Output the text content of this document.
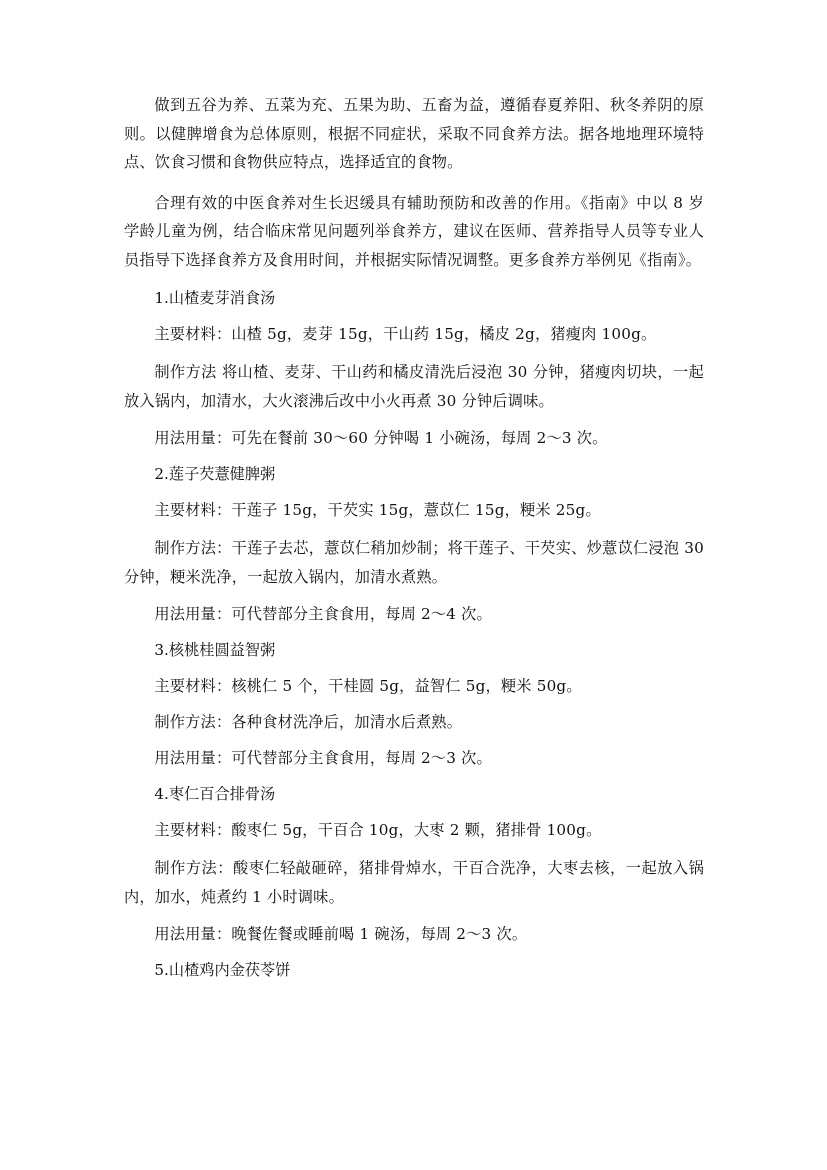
做到五谷为养、五菜为充、五果为助、五畜为益，遵循春夏养阳、秋冬养阴的原则。以健脾增食为总体原则，根据不同症状，采取不同食养方法。据各地地理环境特点、饮食习惯和食物供应特点，选择适宜的食物。

合理有效的中医食养对生长迟缓具有辅助预防和改善的作用。《指南》中以 8 岁学龄儿童为例，结合临床常见问题列举食养方，建议在医师、营养指导人员等专业人员指导下选择食养方及食用时间，并根据实际情况调整。更多食养方举例见《指南》。

1.山楂麦芽消食汤

主要材料：山楂 5g，麦芽 15g，干山药 15g，橘皮 2g，猪瘦肉 100g。

制作方法 将山楂、麦芽、干山药和橘皮清洗后浸泡 30 分钟，猪瘦肉切块，一起放入锅内，加清水，大火滚沸后改中小火再煮 30 分钟后调味。

用法用量：可先在餐前 30～60 分钟喝 1 小碗汤，每周 2～3 次。

2.莲子芡薏健脾粥

主要材料：干莲子 15g，干芡实 15g，薏苡仁 15g，粳米 25g。

制作方法：干莲子去芯，薏苡仁稍加炒制；将干莲子、干芡实、炒薏苡仁浸泡 30 分钟，粳米洗净，一起放入锅内，加清水煮熟。

用法用量：可代替部分主食食用，每周 2～4 次。

3.核桃桂圆益智粥

主要材料：核桃仁 5 个，干桂圆 5g，益智仁 5g，粳米 50g。

制作方法：各种食材洗净后，加清水后煮熟。

用法用量：可代替部分主食食用，每周 2～3 次。

4.枣仁百合排骨汤

主要材料：酸枣仁 5g，干百合 10g，大枣 2 颗，猪排骨 100g。

制作方法：酸枣仁轻敲砸碎，猪排骨焯水，干百合洗净，大枣去核，一起放入锅内，加水，炖煮约 1 小时调味。

用法用量：晚餐佐餐或睡前喝 1 碗汤，每周 2～3 次。

5.山楂鸡内金茯苓饼
